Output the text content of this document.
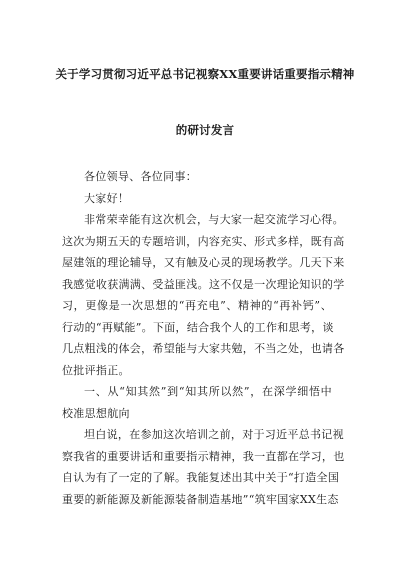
关于学习贯彻习近平总书记视察XX重要讲话重要指示精神
的研讨发言
各位领导、各位同事：
大家好！
非常荣幸能有这次机会，与大家一起交流学习心得。
这次为期五天的专题培训，内容充实、形式多样，既有高
屋建瓴的理论辅导，又有触及心灵的现场教学。几天下来
我感觉收获满满、受益匪浅。这不仅是一次理论知识的学
习，更像是一次思想的“再充电”、精神的“再补钙”、
行动的“再赋能”。下面，结合我个人的工作和思考，谈
几点粗浅的体会，希望能与大家共勉，不当之处，也请各
位批评指正。
一、从“知其然”到“知其所以然”，在深学细悟中
校准思想航向
坦白说，在参加这次培训之前，对于习近平总书记视
察我省的重要讲话和重要指示精神，我一直都在学习，也
自认为有了一定的了解。我能复述出其中关于“打造全国
重要的新能源及新能源装备制造基地”“筑牢国家XX生态
